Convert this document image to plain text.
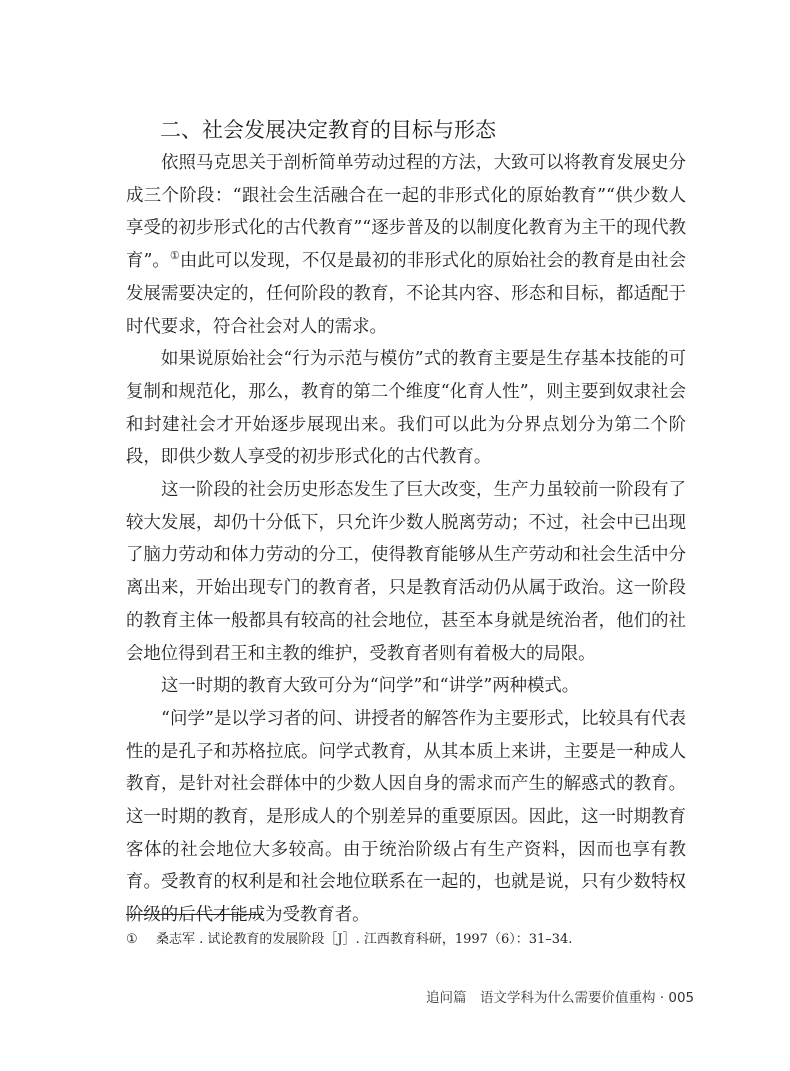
二、社会发展决定教育的目标与形态

依照马克思关于剖析简单劳动过程的方法，大致可以将教育发展史分成三个阶段：“跟社会生活融合在一起的非形式化的原始教育”“供少数人享受的初步形式化的古代教育”“逐步普及的以制度化教育为主干的现代教育”。①由此可以发现，不仅是最初的非形式化的原始社会的教育是由社会发展需要决定的，任何阶段的教育，不论其内容、形态和目标，都适配于时代要求，符合社会对人的需求。

如果说原始社会“行为示范与模仿”式的教育主要是生存基本技能的可复制和规范化，那么，教育的第二个维度“化育人性”，则主要到奴隶社会和封建社会才开始逐步展现出来。我们可以此为分界点划分为第二个阶段，即供少数人享受的初步形式化的古代教育。

这一阶段的社会历史形态发生了巨大改变，生产力虽较前一阶段有了较大发展，却仍十分低下，只允许少数人脱离劳动；不过，社会中已出现了脑力劳动和体力劳动的分工，使得教育能够从生产劳动和社会生活中分离出来，开始出现专门的教育者，只是教育活动仍从属于政治。这一阶段的教育主体一般都具有较高的社会地位，甚至本身就是统治者，他们的社会地位得到君王和主教的维护，受教育者则有着极大的局限。

这一时期的教育大致可分为“问学”和“讲学”两种模式。

“问学”是以学习者的问、讲授者的解答作为主要形式，比较具有代表性的是孔子和苏格拉底。问学式教育，从其本质上来讲，主要是一种成人教育，是针对社会群体中的少数人因自身的需求而产生的解惑式的教育。这一时期的教育，是形成人的个别差异的重要原因。因此，这一时期教育客体的社会地位大多较高。由于统治阶级占有生产资料，因而也享有教育。受教育的权利是和社会地位联系在一起的，也就是说，只有少数特权阶级的后代才能成为受教育者。

① 桑志军 . 试论教育的发展阶段［J］. 江西教育科研，1997（6）：31–34.
追问篇　语文学科为什么需要价值重构 · 005
